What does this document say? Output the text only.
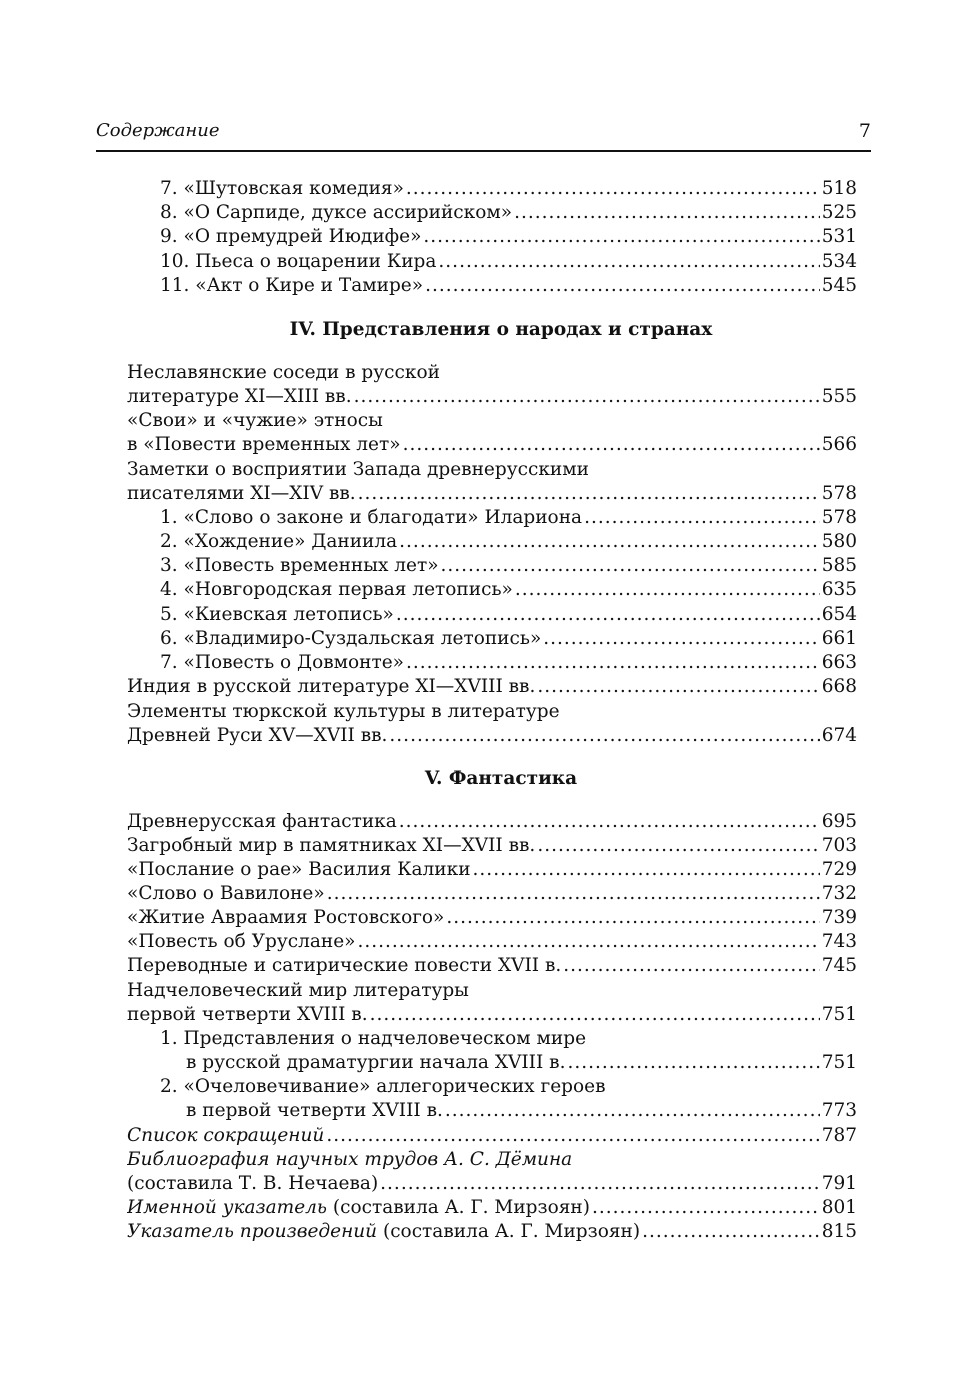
Содержание	7
7. «Шутовская комедия» .....	518
8. «О Сарпиде, дуксе ассирийском» .....	525
9. «О премудрей Июдифе» .....	531
10. Пьеса о воцарении Кира .....	534
11. «Акт о Кире и Тамире» .....	545
IV. Представления о народах и странах
Неславянские соседи в русской
литературе XI—XIII вв. .....	555
«Свои» и «чужие» этносы
в «Повести временных лет» .....	566
Заметки о восприятии Запада древнерусскими
писателями XI—XIV вв. .....	578
1. «Слово о законе и благодати» Илариона .....	578
2. «Хождение» Даниила .....	580
3. «Повесть временных лет» .....	585
4. «Новгородская первая летопись» .....	635
5. «Киевская летопись» .....	654
6. «Владимиро-Суздальская летопись» .....	661
7. «Повесть о Довмонте» .....	663
Индия в русской литературе XI—XVIII вв. .....	668
Элементы тюркской культуры в литературе
Древней Руси XV—XVII вв. .....	674
V. Фантастика
Древнерусская фантастика .....	695
Загробный мир в памятниках XI—XVII вв. .....	703
«Послание о рае» Василия Калики .....	729
«Слово о Вавилоне» .....	732
«Житие Авраамия Ростовского» .....	739
«Повесть об Уруслане» .....	743
Переводные и сатирические повести XVII в. .....	745
Надчеловеческий мир литературы
первой четверти XVIII в. .....	751
1. Представления о надчеловеческом мире
в русской драматургии начала XVIII в. .....	751
2. «Очеловечивание» аллегорических героев
в первой четверти XVIII в. .....	773
Список сокращений .....	787
Библиография научных трудов А. С. Дёмина
(составила Т. В. Нечаева) .....	791
Именной указатель (составила А. Г. Мирзоян) .....	801
Указатель произведений (составила А. Г. Мирзоян) .....	815
